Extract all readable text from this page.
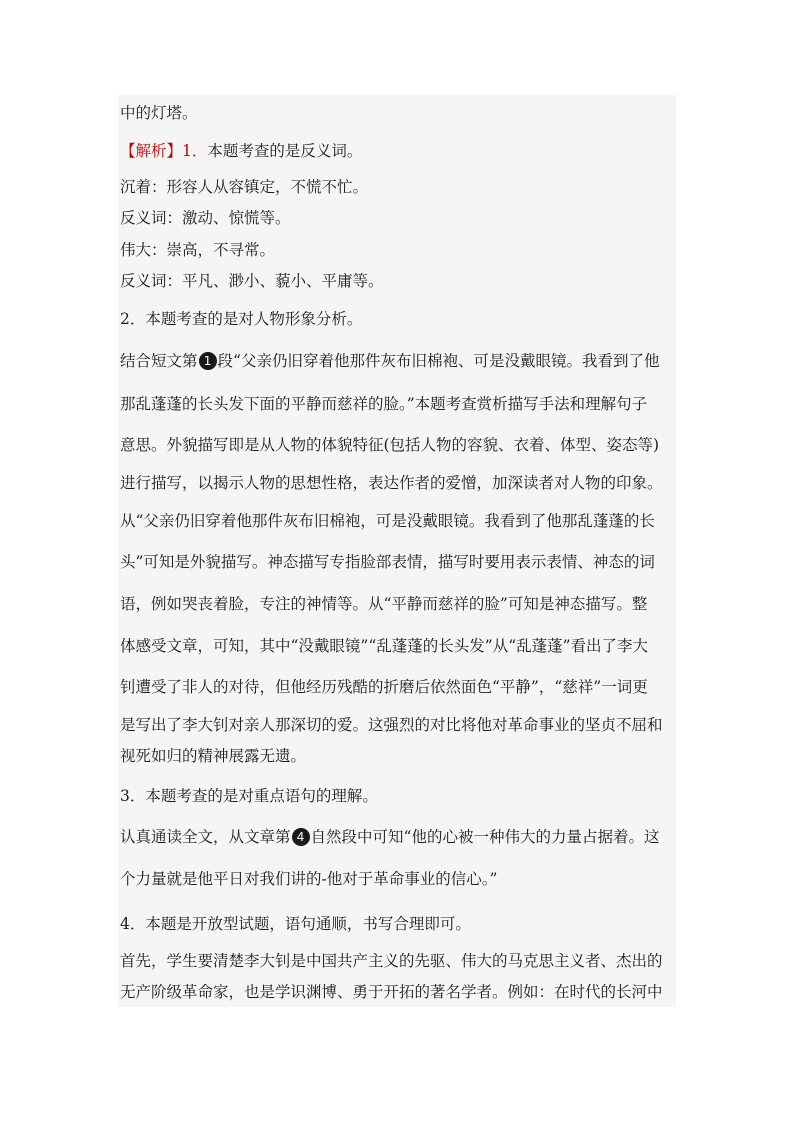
中的灯塔。
【解析】1．本题考查的是反义词。
沉着：形容人从容镇定，不慌不忙。
反义词：激动、惊慌等。
伟大：崇高，不寻常。
反义词：平凡、渺小、藐小、平庸等。
2．本题考查的是对人物形象分析。
结合短文第 1 段“父亲仍旧穿着他那件灰布旧棉袍、可是没戴眼镜。我看到了他
那乱蓬蓬的长头发下面的平静而慈祥的脸。”本题考查赏析描写手法和理解句子
意思。外貌描写即是从人物的体貌特征(包括人物的容貌、衣着、体型、姿态等)
进行描写，以揭示人物的思想性格，表达作者的爱憎，加深读者对人物的印象。
从“父亲仍旧穿着他那件灰布旧棉袍，可是没戴眼镜。我看到了他那乱蓬蓬的长
头”可知是外貌描写。神态描写专指脸部表情，描写时要用表示表情、神态的词
语，例如哭丧着脸，专注的神情等。从“平静而慈祥的脸”可知是神态描写。整
体感受文章，可知，其中“没戴眼镜”“乱蓬蓬的长头发”从“乱蓬蓬”看出了李大
钊遭受了非人的对待，但他经历残酷的折磨后依然面色“平静”，“慈祥”一词更
是写出了李大钊对亲人那深切的爱。这强烈的对比将他对革命事业的坚贞不屈和
视死如归的精神展露无遗。
3．本题考查的是对重点语句的理解。
认真通读全文，从文章第 4 自然段中可知“他的心被一种伟大的力量占据着。这
个力量就是他平日对我们讲的-他对于革命事业的信心。”
4．本题是开放型试题，语句通顺，书写合理即可。
首先，学生要清楚李大钊是中国共产主义的先驱、伟大的马克思主义者、杰出的
无产阶级革命家，也是学识渊博、勇于开拓的著名学者。例如：在时代的长河中
